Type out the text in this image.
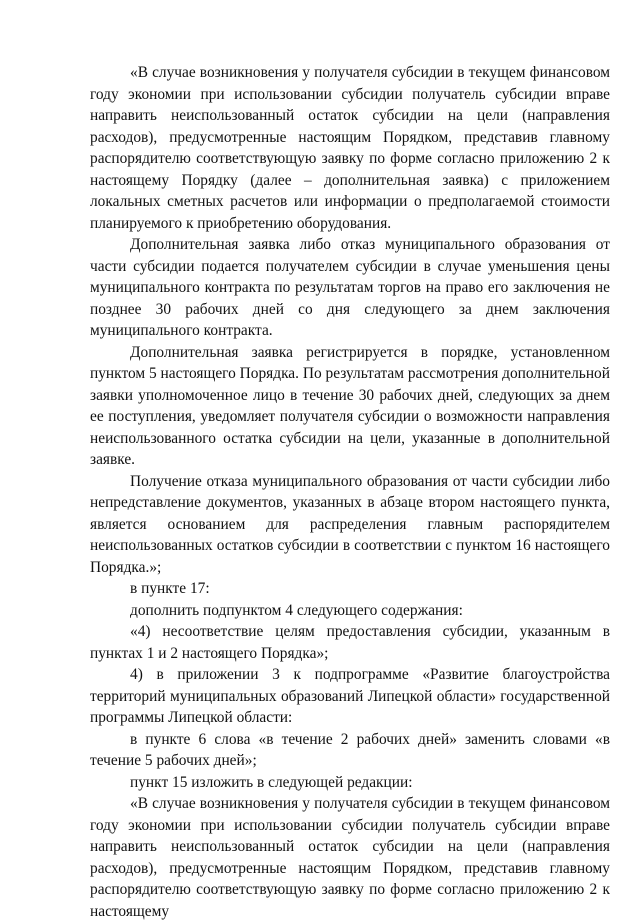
«В случае возникновения у получателя субсидии в текущем финансовом году экономии при использовании субсидии получатель субсидии вправе направить неиспользованный остаток субсидии на цели (направления расходов), предусмотренные настоящим Порядком, представив главному распорядителю соответствующую заявку по форме согласно приложению 2 к настоящему Порядку (далее – дополнительная заявка) с приложением локальных сметных расчетов или информации о предполагаемой стоимости планируемого к приобретению оборудования.

Дополнительная заявка либо отказ муниципального образования от части субсидии подается получателем субсидии в случае уменьшения цены муниципального контракта по результатам торгов на право его заключения не позднее 30 рабочих дней со дня следующего за днем заключения муниципального контракта.

Дополнительная заявка регистрируется в порядке, установленном пунктом 5 настоящего Порядка. По результатам рассмотрения дополнительной заявки уполномоченное лицо в течение 30 рабочих дней, следующих за днем ее поступления, уведомляет получателя субсидии о возможности направления неиспользованного остатка субсидии на цели, указанные в дополнительной заявке.

Получение отказа муниципального образования от части субсидии либо непредставление документов, указанных в абзаце втором настоящего пункта, является основанием для распределения главным распорядителем неиспользованных остатков субсидии в соответствии с пунктом 16 настоящего Порядка.»;

в пункте 17:

дополнить подпунктом 4 следующего содержания:

«4) несоответствие целям предоставления субсидии, указанным в пунктах 1 и 2 настоящего Порядка»;

4) в приложении 3 к подпрограмме «Развитие благоустройства территорий муниципальных образований Липецкой области» государственной программы Липецкой области:

в пункте 6 слова «в течение 2 рабочих дней» заменить словами «в течение 5 рабочих дней»;

пункт 15 изложить в следующей редакции:

«В случае возникновения у получателя субсидии в текущем финансовом году экономии при использовании субсидии получатель субсидии вправе направить неиспользованный остаток субсидии на цели (направления расходов), предусмотренные настоящим Порядком, представив главному распорядителю соответствующую заявку по форме согласно приложению 2 к настоящему
